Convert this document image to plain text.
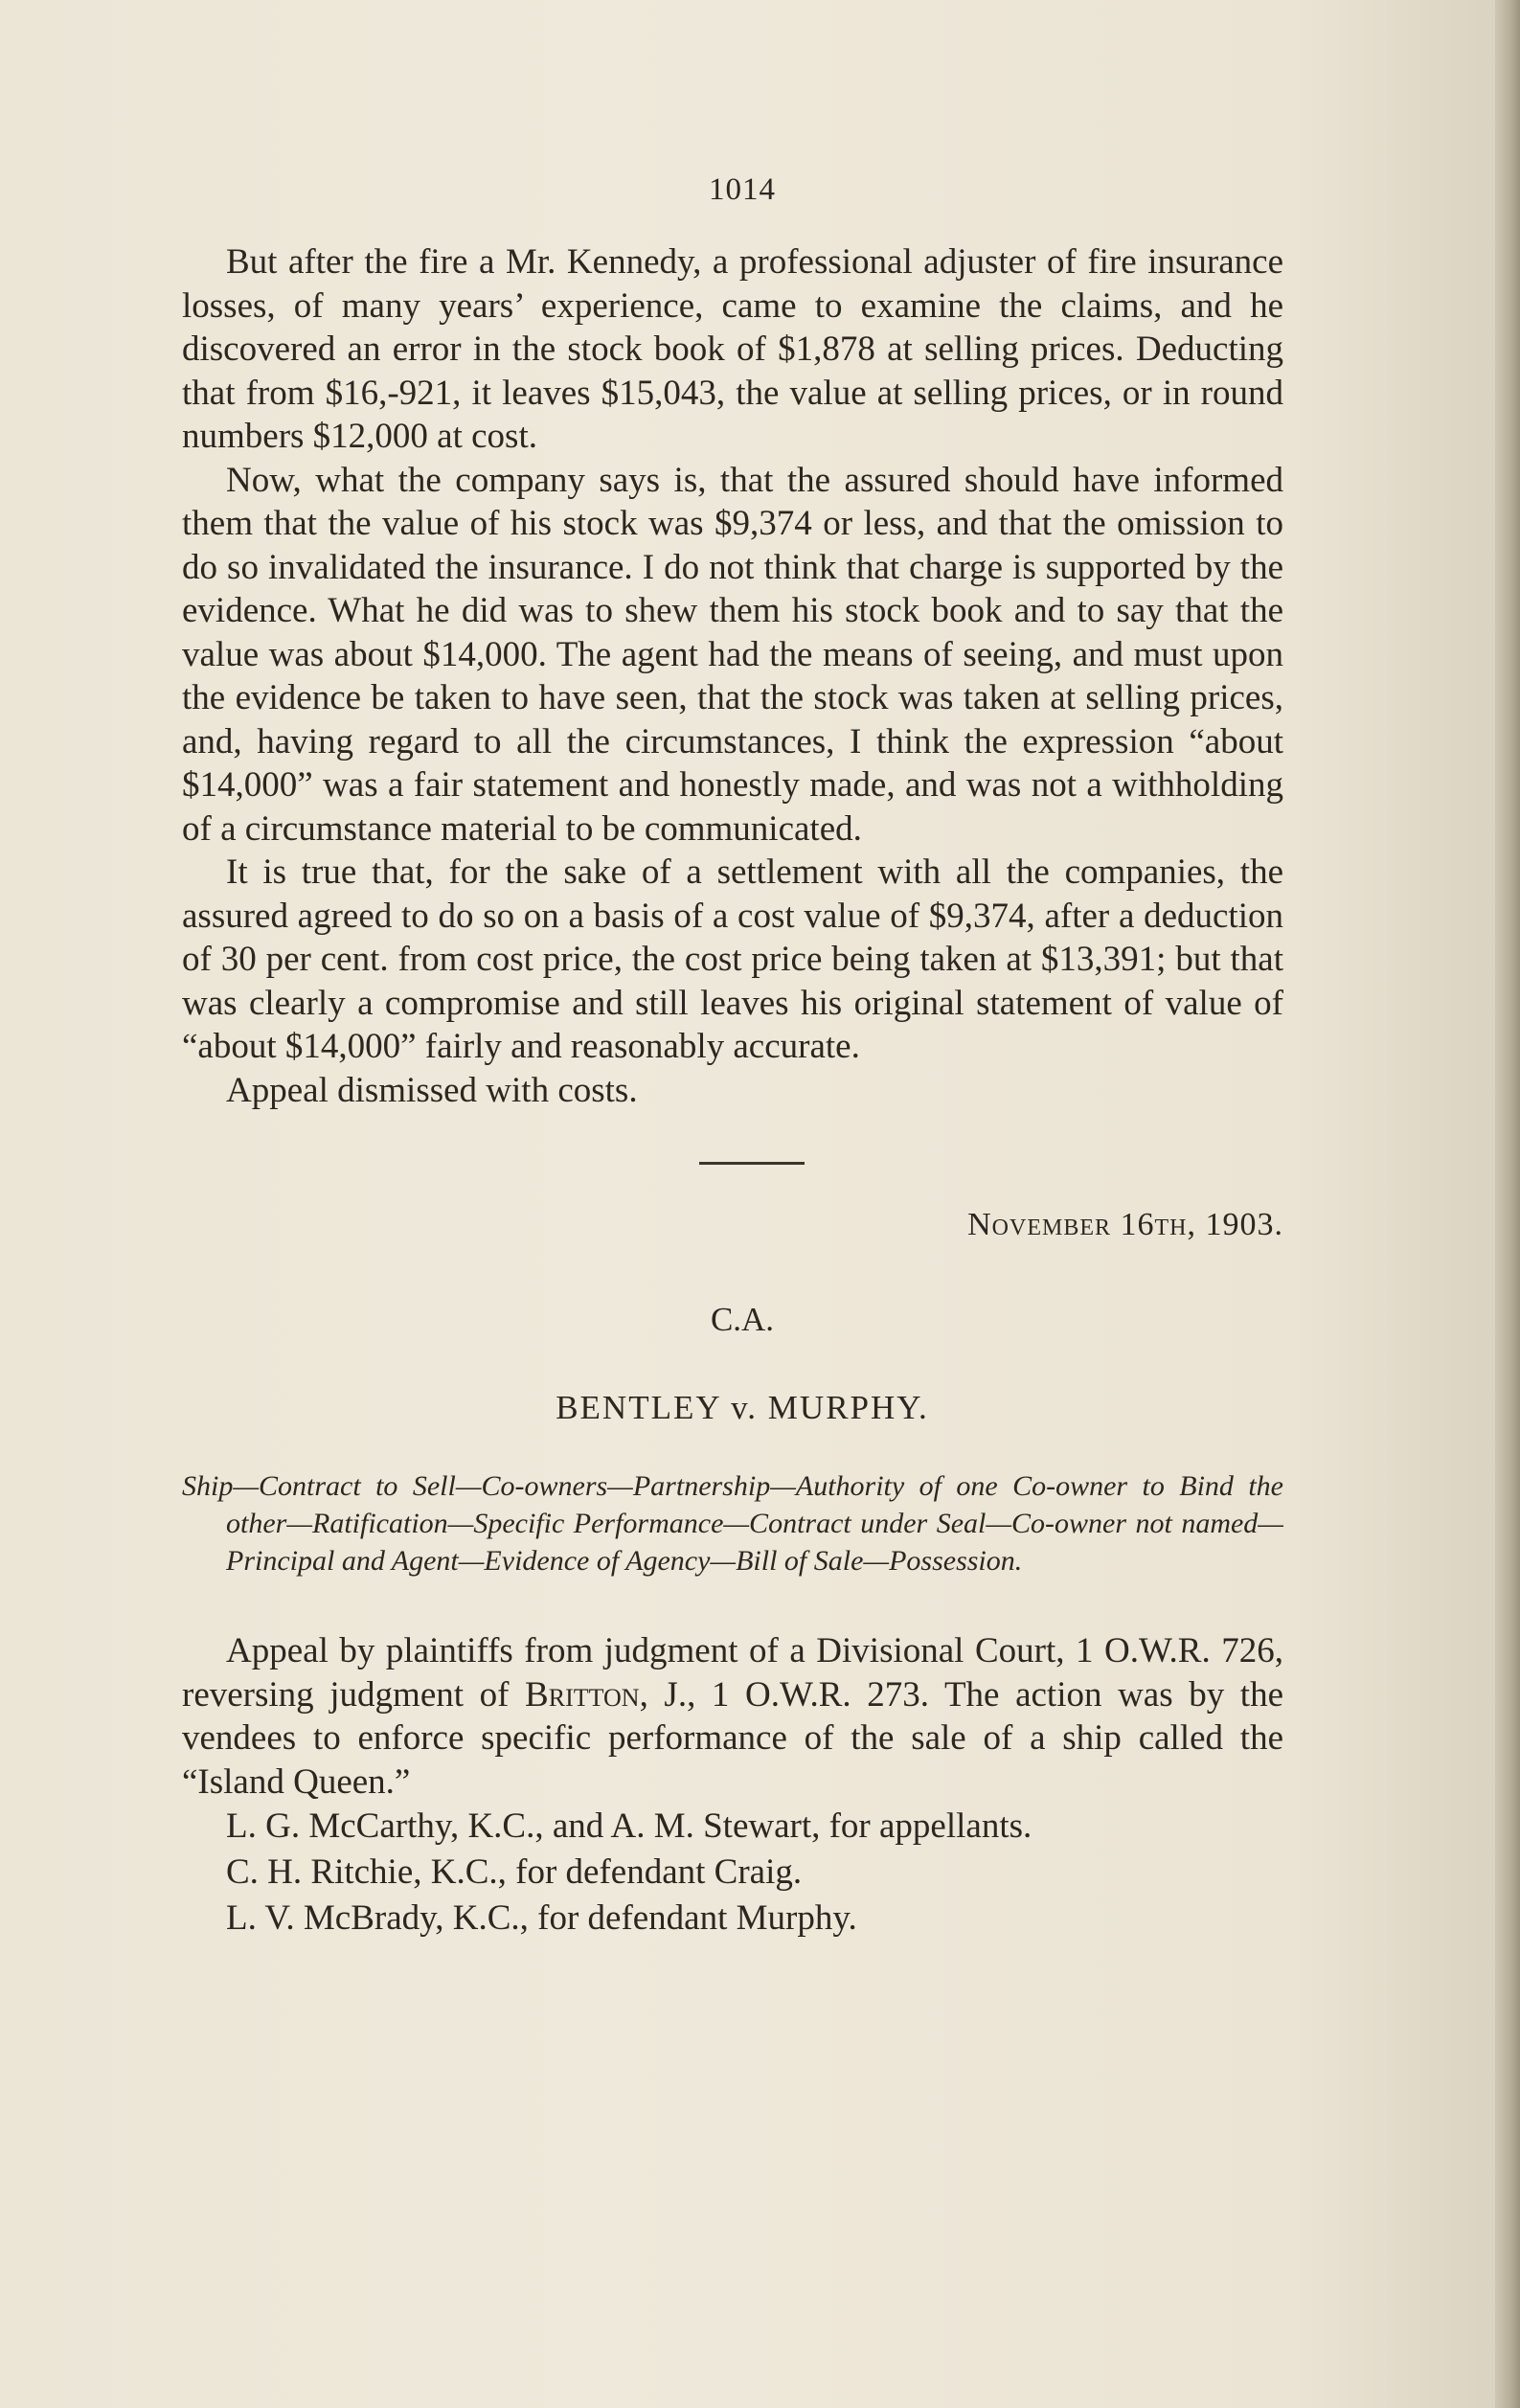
1014

But after the fire a Mr. Kennedy, a professional adjuster of fire insurance losses, of many years’ experience, came to examine the claims, and he discovered an error in the stock book of $1,878 at selling prices. Deducting that from $16,-921, it leaves $15,043, the value at selling prices, or in round numbers $12,000 at cost.

Now, what the company says is, that the assured should have informed them that the value of his stock was $9,374 or less, and that the omission to do so invalidated the insurance. I do not think that charge is supported by the evidence. What he did was to shew them his stock book and to say that the value was about $14,000. The agent had the means of seeing, and must upon the evidence be taken to have seen, that the stock was taken at selling prices, and, having regard to all the circumstances, I think the expression “about $14,000” was a fair statement and honestly made, and was not a withholding of a circumstance material to be communicated.

It is true that, for the sake of a settlement with all the companies, the assured agreed to do so on a basis of a cost value of $9,374, after a deduction of 30 per cent. from cost price, the cost price being taken at $13,391; but that was clearly a compromise and still leaves his original statement of value of “about $14,000” fairly and reasonably accurate.

Appeal dismissed with costs.

November 16th, 1903.
C.A.
BENTLEY v. MURPHY.

Ship—Contract to Sell—Co-owners—Partnership—Authority of one Co-owner to Bind the other—Ratification—Specific Performance—Contract under Seal—Co-owner not named—Principal and Agent—Evidence of Agency—Bill of Sale—Possession.

Appeal by plaintiffs from judgment of a Divisional Court, 1 O.W.R. 726, reversing judgment of Britton, J., 1 O.W.R. 273. The action was by the vendees to enforce specific performance of the sale of a ship called the “Island Queen.”

L. G. McCarthy, K.C., and A. M. Stewart, for appellants.

C. H. Ritchie, K.C., for defendant Craig.

L. V. McBrady, K.C., for defendant Murphy.
